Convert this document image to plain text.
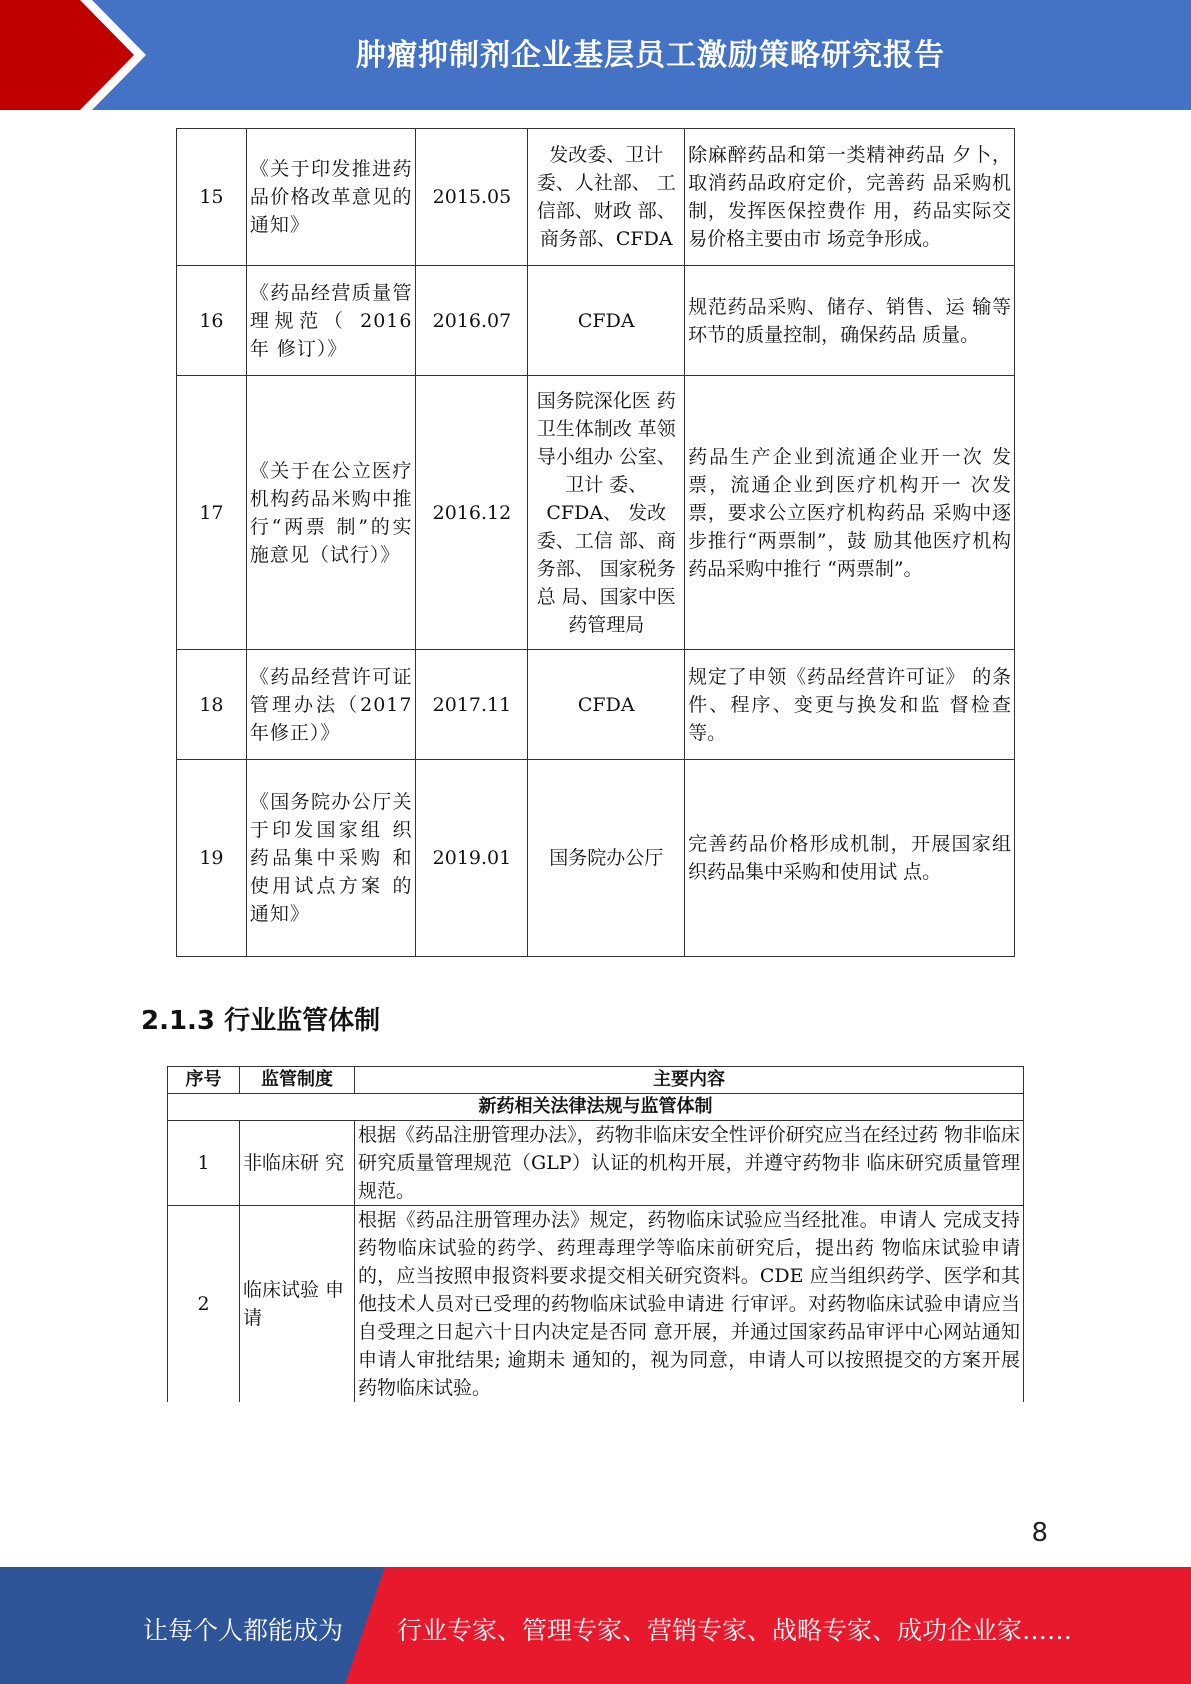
肿瘤抑制剂企业基层员工激励策略研究报告
15	《关于印发推进药品价格改革意见的通知》	2015.05	发改委、卫计委、人社部、 工信部、财政 部、商务部、CFDA	除麻醉药品和第一类精神药品 夕卜，取消药品政府定价，完善药 品采购机制，发挥医保控费作 用，药品实际交易价格主要由市 场竞争形成。
16	《药品经营质量管理规范（ 2016 年 修订）》	2016.07	CFDA	规范药品采购、储存、销售、运 输等环节的质量控制，确保药品 质量。
17	《关于在公立医疗机构药品米购中推行“两票 制”的实施意见（试行）》	2016.12	国务院深化医 药卫生体制改 革领导小组办 公室、卫计 委、CFDA、 发改委、工信 部、商务部、 国家税务总 局、国家中医药管理局	药品生产企业到流通企业开一次 发票，流通企业到医疗机构开一 次发票，要求公立医疗机构药品 采购中逐步推行“两票制”，鼓 励其他医疗机构药品采购中推行 “两票制”。
18	《药品经营许可证管理办法（2017 年修正）》	2017.11	CFDA	规定了申领《药品经营许可证》 的条件、程序、变更与换发和监 督检查等。
19	《国务院办公厅关于印发国家组 织药品集中采购 和使用试点方案 的通知》	2019.01	国务院办公厅	完善药品价格形成机制，开展国家组织药品集中采购和使用试 点。
2.1.3 行业监管体制
序号	监管制度	主要内容
新药相关法律法规与监管体制		
1	非临床研 究	根据《药品注册管理办法》，药物非临床安全性评价研究应当在经过药 物非临床研究质量管理规范（GLP）认证的机构开展，并遵守药物非 临床研究质量管理规范。
2	临床试验 申请	根据《药品注册管理办法》规定，药物临床试验应当经批准。申请人 完成支持药物临床试验的药学、药理毒理学等临床前研究后，提出药 物临床试验申请的，应当按照申报资料要求提交相关研究资料。CDE 应当组织药学、医学和其他技术人员对已受理的药物临床试验申请进 行审评。对药物临床试验申请应当自受理之日起六十日内决定是否同 意开展，并通过国家药品审评中心网站通知申请人审批结果; 逾期未 通知的，视为同意，申请人可以按照提交的方案开展药物临床试验。
8
让每个人都能成为 行业专家、管理专家、营销专家、战略专家、成功企业家……
